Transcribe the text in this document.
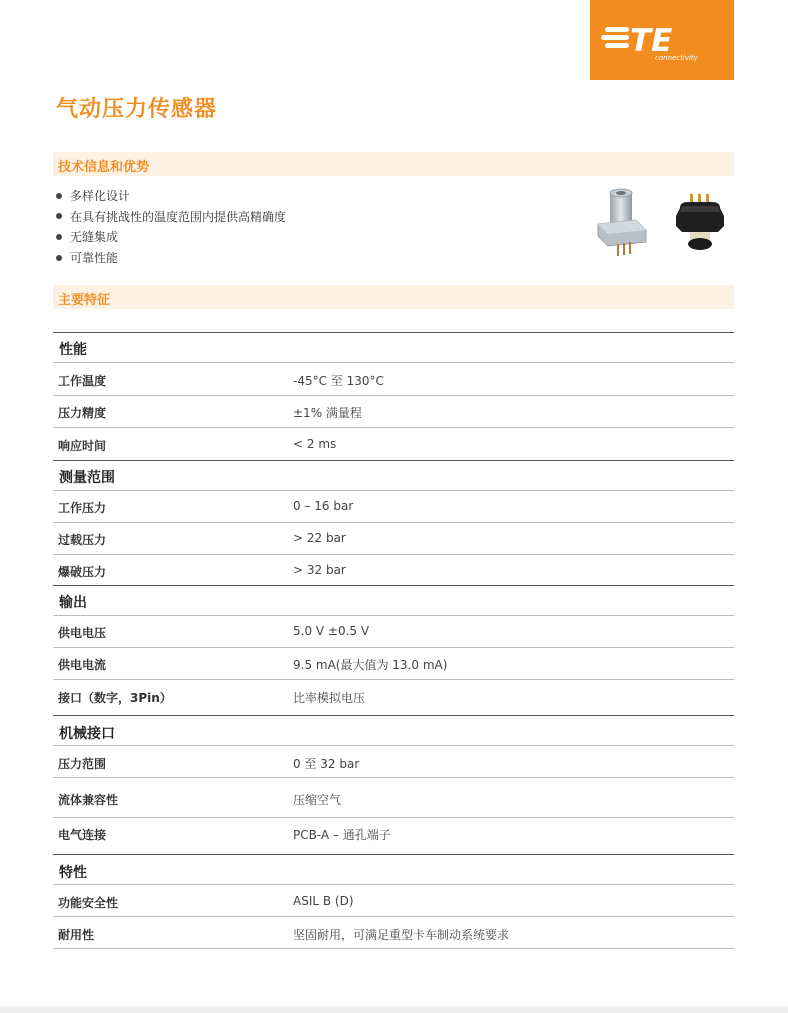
TE
connectivity
气动压力传感器
技术信息和优势
多样化设计
在具有挑战性的温度范围内提供高精确度
无缝集成
可靠性能
主要特征
性能
工作温度	-45°C 至 130°C
压力精度	±1% 满量程
响应时间	< 2 ms
测量范围
工作压力	0 – 16 bar
过载压力	> 22 bar
爆破压力	> 32 bar
输出
供电电压	5.0 V ±0.5 V
供电电流	9.5 mA(最大值为 13.0 mA)
接口（数字，3Pin）	比率模拟电压
机械接口
压力范围	0 至 32 bar
流体兼容性	压缩空气
电气连接	PCB-A – 通孔端子
特性
功能安全性	ASIL B (D)
耐用性	坚固耐用，可满足重型卡车制动系统要求
